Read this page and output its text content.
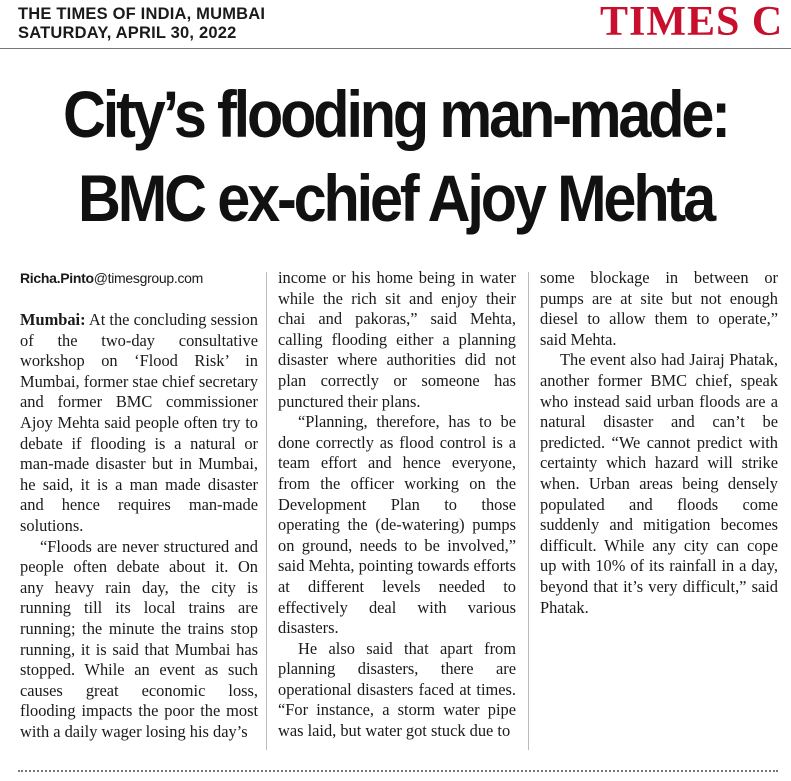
THE TIMES OF INDIA, MUMBAI
SATURDAY, APRIL 30, 2022	TIMES C
City’s flooding man-made:
BMC ex-chief Ajoy Mehta
Richa.Pinto@timesgroup.com

Mumbai: At the concluding session of the two-day consultative workshop on ‘Flood Risk’ in Mumbai, former stae chief secretary and former BMC commissioner Ajoy Mehta said people often try to debate if flooding is a natural or man-made disaster but in Mumbai, he said, it is a man made disaster and hence requires man-made solutions.

“Floods are never structured and people often debate about it. On any heavy rain day, the city is running till its local trains are running; the minute the trains stop running, it is said that Mumbai has stopped. While an event as such causes great economic loss, flooding impacts the poor the most with a daily wager losing his day’s

income or his home being in water while the rich sit and enjoy their chai and pakoras,” said Mehta, calling flooding either a planning disaster where authorities did not plan correctly or someone has punctured their plans.

“Planning, therefore, has to be done correctly as flood control is a team effort and hence everyone, from the officer working on the Development Plan to those operating the (de-watering) pumps on ground, needs to be involved,” said Mehta, pointing towards efforts at different levels needed to effectively deal with various disasters.

He also said that apart from planning disasters, there are operational disasters faced at times. “For instance, a storm water pipe was laid, but water got stuck due to

some blockage in between or pumps are at site but not enough diesel to allow them to operate,” said Mehta.

The event also had Jairaj Phatak, another former BMC chief, speak who instead said urban floods are a natural disaster and can’t be predicted. “We cannot predict with certainty which hazard will strike when. Urban areas being densely populated and floods come suddenly and mitigation becomes difficult. While any city can cope up with 10% of its rainfall in a day, beyond that it’s very difficult,” said Phatak.
